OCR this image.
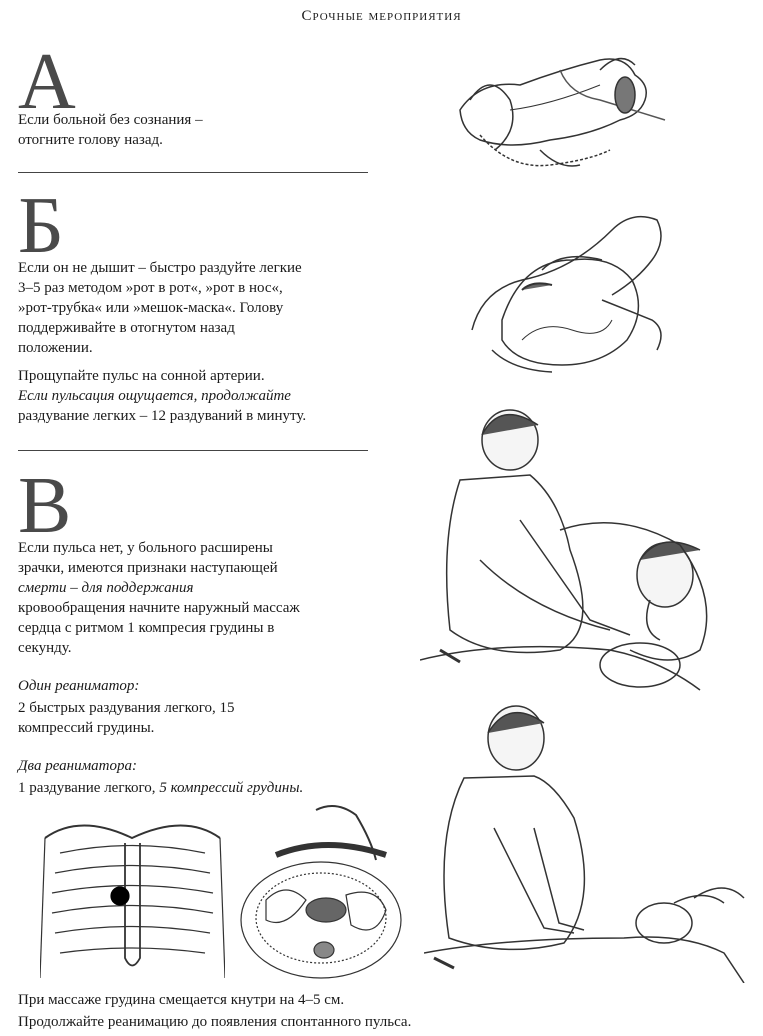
Срочные мероприятия
А

Если больной без сознания –
отогните голову назад.

Б

Если он не дышит – быстро раздуйте легкие
3–5 раз методом »рот в рот«, »рот в нос«,
»рот-трубка« или »мешок-маска«. Голову
поддерживайте в отогнутом назад
положении.

Прощупайте пульс на сонной артерии.

Если пульсация ощущается, продолжайте

раздувание легких – 12 раздуваний в минуту.

В

Если пульса нет, у больного расширены
зрачки, имеются признаки наступающей

смерти – для поддержания

кровообращения начните наружный массаж
сердца с ритмом 1 компресия грудины в
секунду.

Один реаниматор:

2 быстрых раздувания легкого, 15
компрессий грудины.

Два реаниматора:

1 раздувание легкого, 5 компрессий грудины.

При массаже грудина смещается кнутри на 4–5 см.
Продолжайте реанимацию до появления спонтанного пульса.
